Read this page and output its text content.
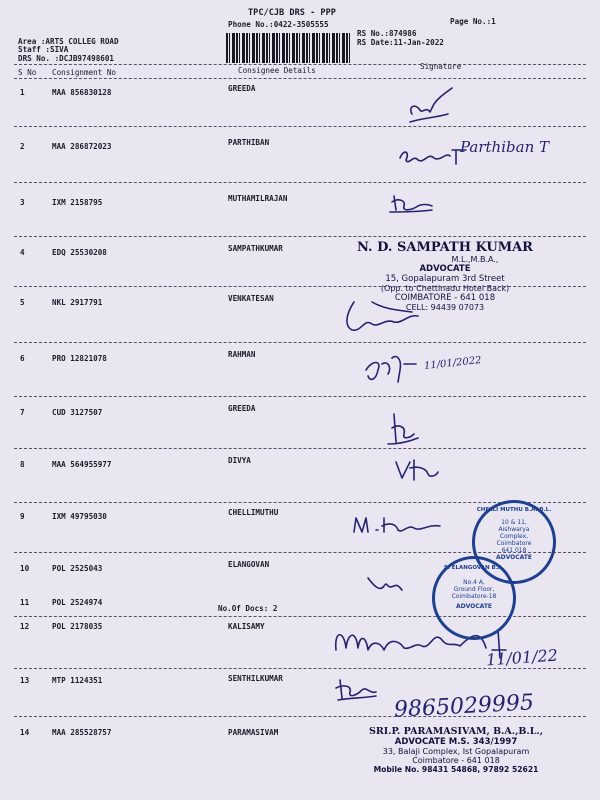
TPC/CJB DRS - PPP
Phone No.:0422-3505555	Page No.:1
RS No.:874986
RS Date:11-Jan-2022
Area :ARTS COLLEG ROAD
Staff :SIVA
DRS No. :DCJB97498601
S No Consignment No	Consignee Details	Signature
1	MAA 856830128	GREEDA
2	MAA 286872023	PARTHIBAN
3	IXM 2158795	MUTHAMILRAJAN
4	EDQ 25530208	SAMPATHKUMAR
5	NKL 2917791	VENKATESAN
6	PRO 12821078	RAHMAN
7	CUD 3127507	GREEDA
8	MAA 564955977	DIVYA
9	IXM 49795030	CHELLIMUTHU
10	POL 2525043	ELANGOVAN
11	POL 2524974
No.Of Docs: 2
12	POL 2178035	KALISAMY
13	MTP 1124351	SENTHILKUMAR
14	MAA 285528757	PARAMASIVAM
Parthiban T
11/01/2022
11/01/22
9865029995
N. D. SAMPATH KUMAR
M.L.,M.B.A.,
ADVOCATE
15, Gopalapuram 3rd Street
(Opp. to Chettinadu Hotel Back)
COIMBATORE - 641 018
CELL: 94439 07073
SRI.P. PARAMASIVAM, B.A.,B.L.,
ADVOCATE M.S. 343/1997
33, Balaji Complex, Ist Gopalapuram
Coimbatore - 641 018
Mobile No. 98431 54868, 97892 52621
CHELLI MUTHU B.A. B.L.
10 & 11,
Aishwarya
Complex,
Coimbatore
641 018
ADVOCATE
S. ELANGOVAN B.A.
No.4 A,
Ground Floor,
Coimbatore-18
ADVOCATE
